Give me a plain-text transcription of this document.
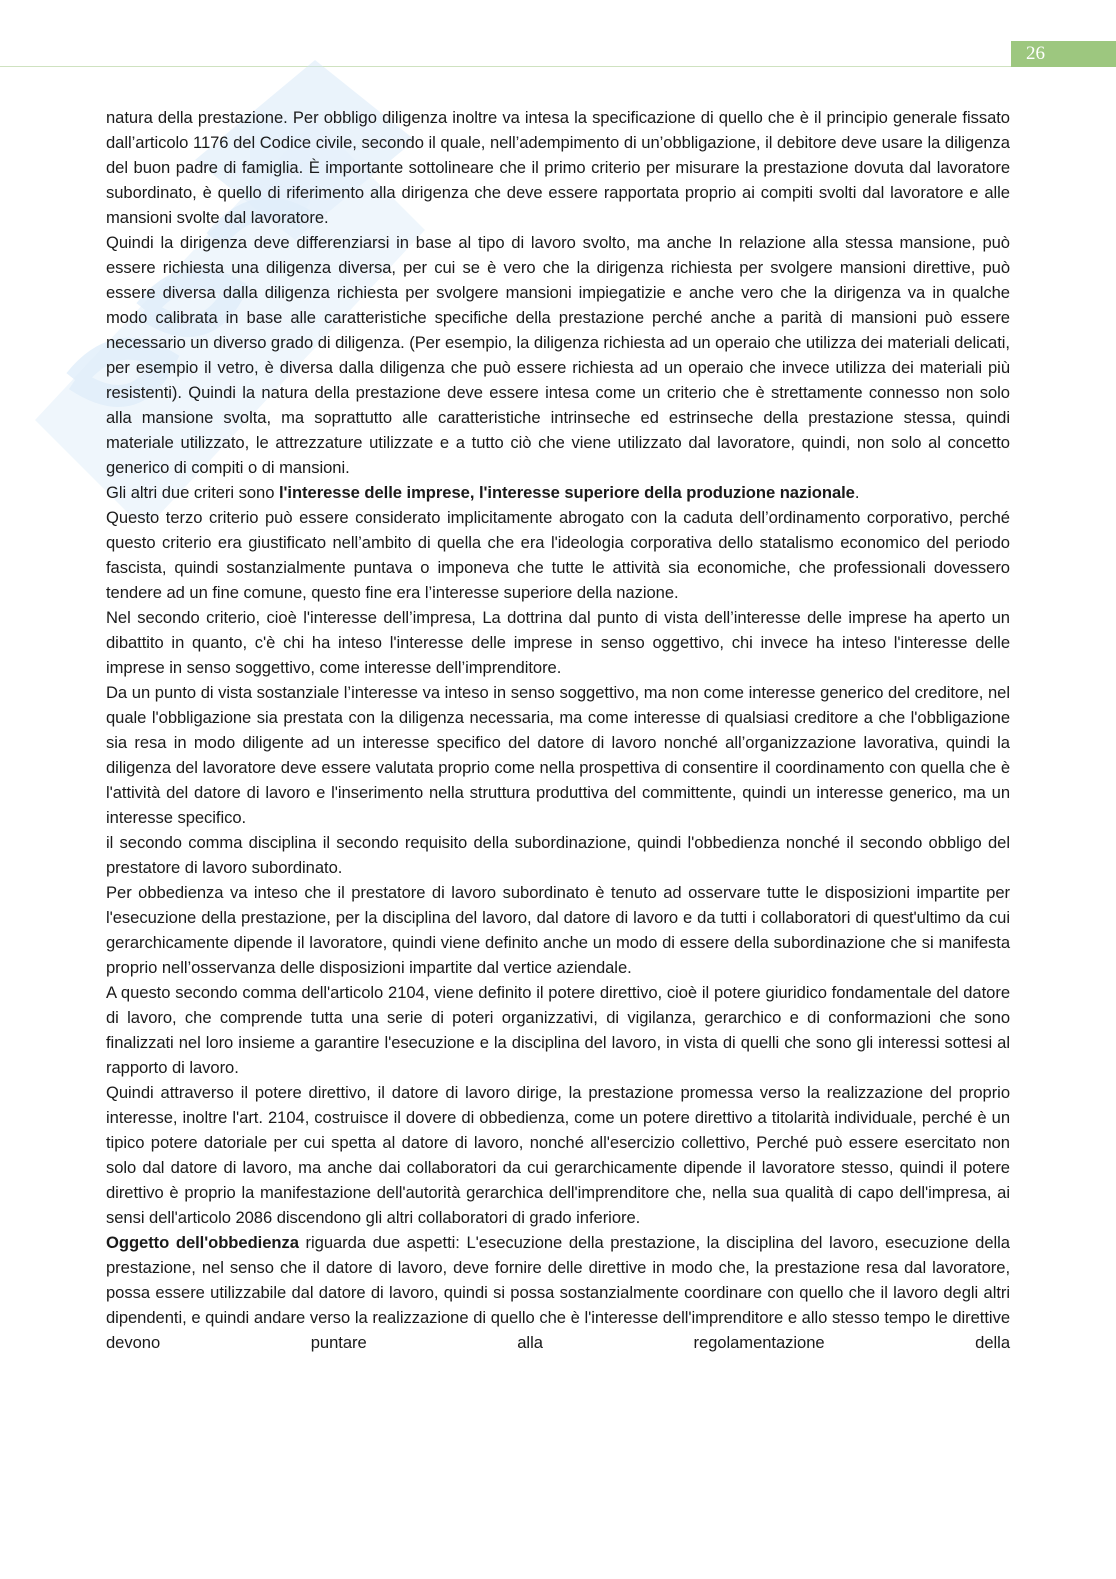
26

natura della prestazione. Per obbligo diligenza inoltre va intesa la specificazione di quello che è il principio generale fissato dall’articolo 1176 del Codice civile, secondo il quale, nell’adempimento di un’obbligazione, il debitore deve usare la diligenza del buon padre di famiglia. È importante sottolineare che il primo criterio per misurare la prestazione dovuta dal lavoratore subordinato, è quello di riferimento alla dirigenza che deve essere rapportata proprio ai compiti svolti dal lavoratore e alle mansioni svolte dal lavoratore.

Quindi la dirigenza deve differenziarsi in base al tipo di lavoro svolto, ma anche In relazione alla stessa mansione, può essere richiesta una diligenza diversa, per cui se è vero che la dirigenza richiesta per svolgere mansioni direttive, può essere diversa dalla diligenza richiesta per svolgere mansioni impiegatizie e anche vero che la dirigenza va in qualche modo calibrata in base alle caratteristiche specifiche della prestazione perché anche a parità di mansioni può essere necessario un diverso grado di diligenza. (Per esempio, la diligenza richiesta ad un operaio che utilizza dei materiali delicati, per esempio il vetro, è diversa dalla diligenza che può essere richiesta ad un operaio che invece utilizza dei materiali più resistenti). Quindi la natura della prestazione deve essere intesa come un criterio che è strettamente connesso non solo alla mansione svolta, ma soprattutto alle caratteristiche intrinseche ed estrinseche della prestazione stessa, quindi materiale utilizzato, le attrezzature utilizzate e a tutto ciò che viene utilizzato dal lavoratore, quindi, non solo al concetto generico di compiti o di mansioni.

Gli altri due criteri sono l'interesse delle imprese, l'interesse superiore della produzione nazionale.

Questo terzo criterio può essere considerato implicitamente abrogato con la caduta dell’ordinamento corporativo, perché questo criterio era giustificato nell’ambito di quella che era l'ideologia corporativa dello statalismo economico del periodo fascista, quindi sostanzialmente puntava o imponeva che tutte le attività sia economiche, che professionali dovessero tendere ad un fine comune, questo fine era l’interesse superiore della nazione.

Nel secondo criterio, cioè l'interesse dell’impresa, La dottrina dal punto di vista dell’interesse delle imprese ha aperto un dibattito in quanto, c'è chi ha inteso l'interesse delle imprese in senso oggettivo, chi invece ha inteso l'interesse delle imprese in senso soggettivo, come interesse dell’imprenditore.

Da un punto di vista sostanziale l’interesse va inteso in senso soggettivo, ma non come interesse generico del creditore, nel quale l'obbligazione sia prestata con la diligenza necessaria, ma come interesse di qualsiasi creditore a che l'obbligazione sia resa in modo diligente ad un interesse specifico del datore di lavoro nonché all’organizzazione lavorativa, quindi la diligenza del lavoratore deve essere valutata proprio come nella prospettiva di consentire il coordinamento con quella che è l'attività del datore di lavoro e l'inserimento nella struttura produttiva del committente, quindi un interesse generico, ma un interesse specifico.

il secondo comma disciplina il secondo requisito della subordinazione, quindi l'obbedienza nonché il secondo obbligo del prestatore di lavoro subordinato.

Per obbedienza va inteso che il prestatore di lavoro subordinato è tenuto ad osservare tutte le disposizioni impartite per l'esecuzione della prestazione, per la disciplina del lavoro, dal datore di lavoro e da tutti i collaboratori di quest'ultimo da cui gerarchicamente dipende il lavoratore, quindi viene definito anche un modo di essere della subordinazione che si manifesta proprio nell’osservanza delle disposizioni impartite dal vertice aziendale.

A questo secondo comma dell'articolo 2104, viene definito il potere direttivo, cioè il potere giuridico fondamentale del datore di lavoro, che comprende tutta una serie di poteri organizzativi, di vigilanza, gerarchico e di conformazioni che sono finalizzati nel loro insieme a garantire l'esecuzione e la disciplina del lavoro, in vista di quelli che sono gli interessi sottesi al rapporto di lavoro.

Quindi attraverso il potere direttivo, il datore di lavoro dirige, la prestazione promessa verso la realizzazione del proprio interesse, inoltre l'art. 2104, costruisce il dovere di obbedienza, come un potere direttivo a titolarità individuale, perché è un tipico potere datoriale per cui spetta al datore di lavoro, nonché all'esercizio collettivo, Perché può essere esercitato non solo dal datore di lavoro, ma anche dai collaboratori da cui gerarchicamente dipende il lavoratore stesso, quindi il potere direttivo è proprio la manifestazione dell'autorità gerarchica dell'imprenditore che, nella sua qualità di capo dell'impresa, ai sensi dell'articolo 2086 discendono gli altri collaboratori di grado inferiore.

Oggetto dell'obbedienza riguarda due aspetti: L'esecuzione della prestazione, la disciplina del lavoro, esecuzione della prestazione, nel senso che il datore di lavoro, deve fornire delle direttive in modo che, la prestazione resa dal lavoratore, possa essere utilizzabile dal datore di lavoro, quindi si possa sostanzialmente coordinare con quello che il lavoro degli altri dipendenti, e quindi andare verso la realizzazione di quello che è l'interesse dell'imprenditore e allo stesso tempo le direttive devono puntare alla regolamentazione della
